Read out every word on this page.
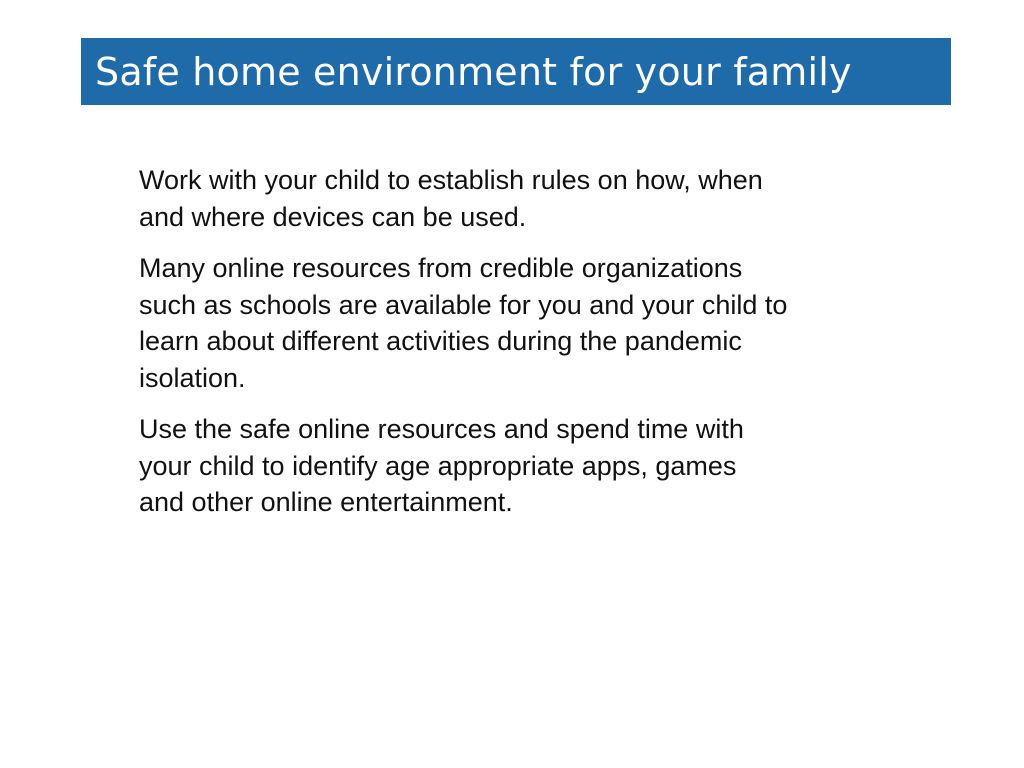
Safe home environment for your family

Work with your child to establish rules on how, when
and where devices can be used.

Many online resources from credible organizations
such as schools are available for you and your child to
learn about different activities during the pandemic
isolation.

Use the safe online resources and spend time with
your child to identify age appropriate apps, games
and other online entertainment.
